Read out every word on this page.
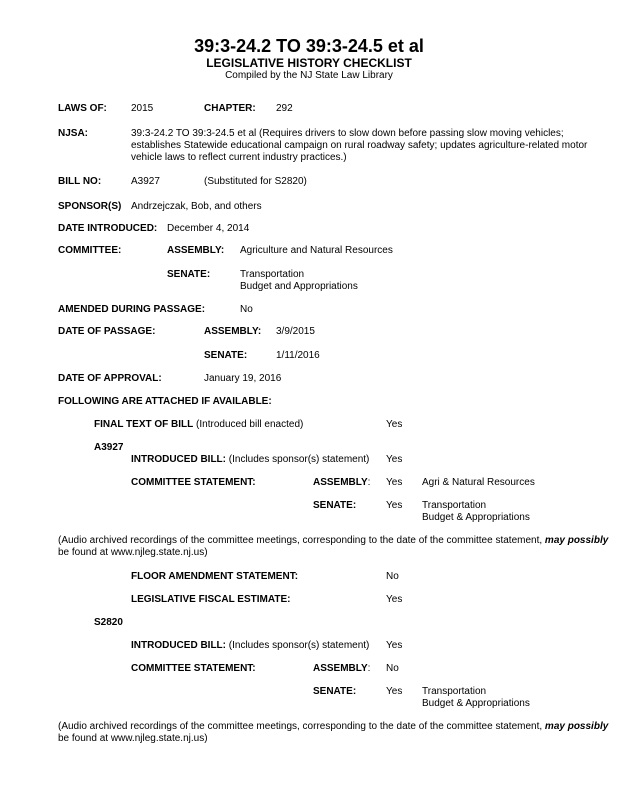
39:3-24.2 TO 39:3-24.5 et al
LEGISLATIVE HISTORY CHECKLIST
Compiled by the NJ State Law Library
LAWS OF: 2015	CHAPTER: 292
NJSA:	39:3-24.2 TO 39:3-24.5 et al (Requires drivers to slow down before passing slow moving vehicles;
establishes Statewide educational campaign on rural roadway safety; updates agriculture-related motor
vehicle laws to reflect current industry practices.)
BILL NO:	A3927	(Substituted for S2820)
SPONSOR(S) Andrzejczak, Bob, and others
DATE INTRODUCED: December 4, 2014
COMMITTEE:	ASSEMBLY: Agriculture and Natural Resources
SENATE:	Transportation
Budget and Appropriations
AMENDED DURING PASSAGE:	No
DATE OF PASSAGE:	ASSEMBLY: 3/9/2015
SENATE:	1/11/2016
DATE OF APPROVAL:	January 19, 2016
FOLLOWING ARE ATTACHED IF AVAILABLE:
FINAL TEXT OF BILL (Introduced bill enacted)	Yes
A3927
INTRODUCED BILL: (Includes sponsor(s) statement) Yes
COMMITTEE STATEMENT:	ASSEMBLY: Yes Agri & Natural Resources
SENATE:	Yes Transportation
Budget & Appropriations
(Audio archived recordings of the committee meetings, corresponding to the date of the committee statement, may possibly
be found at www.njleg.state.nj.us)
FLOOR AMENDMENT STATEMENT:	No
LEGISLATIVE FISCAL ESTIMATE:	Yes
S2820
INTRODUCED BILL: (Includes sponsor(s) statement) Yes
COMMITTEE STATEMENT:	ASSEMBLY: No
SENATE:	Yes Transportation
Budget & Appropriations
(Audio archived recordings of the committee meetings, corresponding to the date of the committee statement, may possibly
be found at www.njleg.state.nj.us)
